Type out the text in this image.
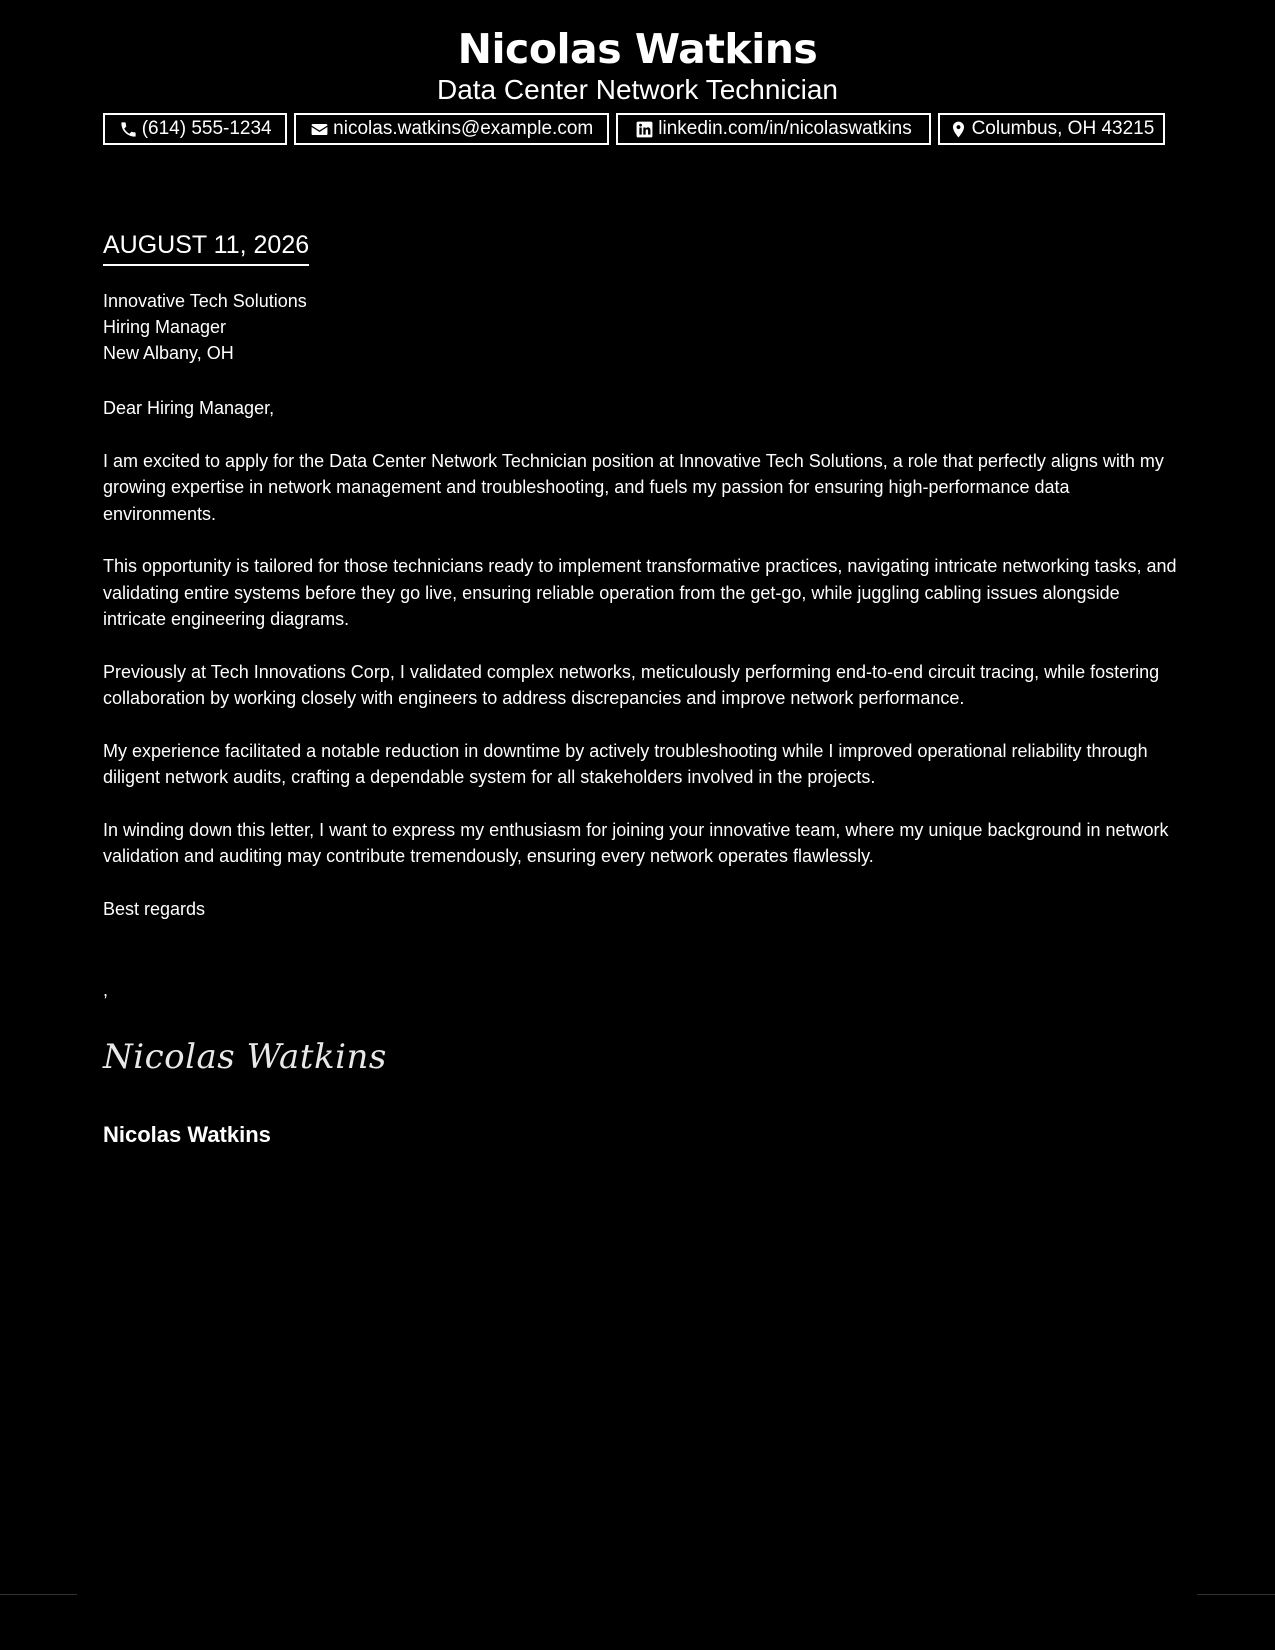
Nicolas Watkins
Data Center Network Technician
(614) 555-1234	nicolas.watkins@example.com	linkedin.com/in/nicolaswatkins	Columbus, OH 43215
AUGUST 11, 2026
Innovative Tech Solutions
Hiring Manager
New Albany, OH

Dear Hiring Manager,

I am excited to apply for the Data Center Network Technician position at Innovative Tech Solutions, a role that perfectly aligns with my growing expertise in network management and troubleshooting, and fuels my passion for ensuring high-performance data environments.

This opportunity is tailored for those technicians ready to implement transformative practices, navigating intricate networking tasks, and validating entire systems before they go live, ensuring reliable operation from the get-go, while juggling cabling issues alongside intricate engineering diagrams.

Previously at Tech Innovations Corp, I validated complex networks, meticulously performing end-to-end circuit tracing, while fostering collaboration by working closely with engineers to address discrepancies and improve network performance.

My experience facilitated a notable reduction in downtime by actively troubleshooting while I improved operational reliability through diligent network audits, crafting a dependable system for all stakeholders involved in the projects.

In winding down this letter, I want to express my enthusiasm for joining your innovative team, where my unique background in network validation and auditing may contribute tremendously, ensuring every network operates flawlessly.

Best regards

,
Nicolas Watkins
Nicolas Watkins
